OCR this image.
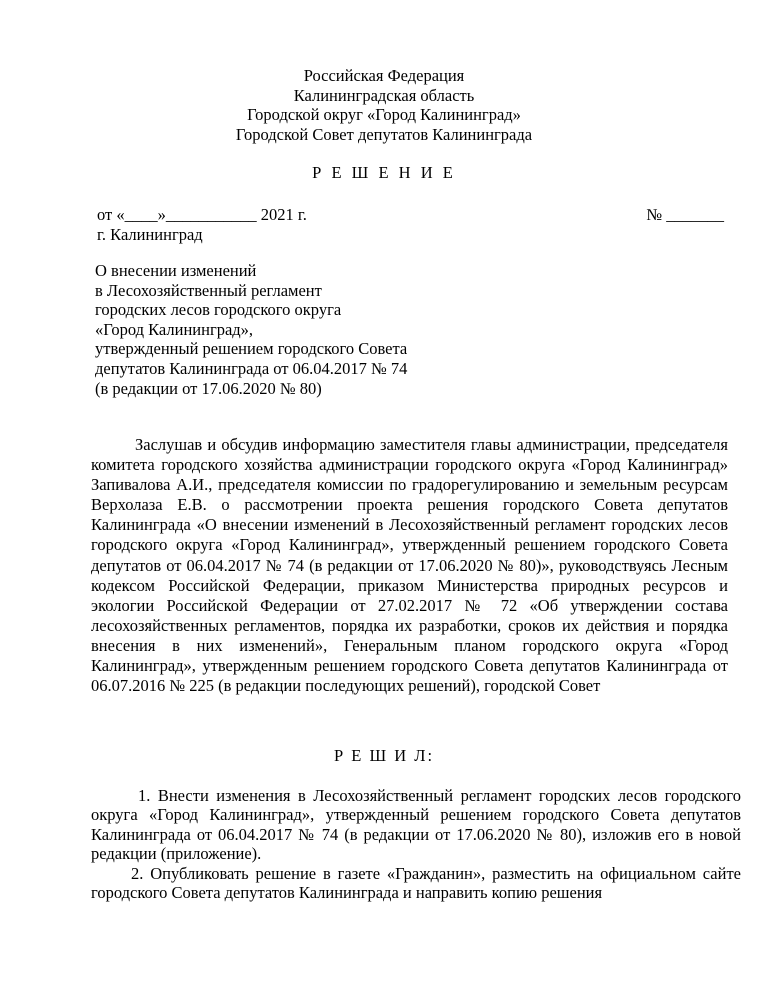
Российская Федерация
Калининградская область
Городской округ «Город Калининград»
Городской Совет депутатов Калининграда
Р Е Ш Е Н И Е
от «____»___________ 2021 г.	№ _______
г. Калининград
О внесении изменений
в Лесохозяйственный регламент
городских лесов городского округа
«Город Калининград»,
утвержденный решением городского Совета
депутатов Калининграда от 06.04.2017 № 74
(в редакции от 17.06.2020 № 80)

Заслушав и обсудив информацию заместителя главы администрации, председателя комитета городского хозяйства администрации городского округа «Город Калининград» Запивалова А.И., председателя комиссии по градорегулированию и земельным ресурсам Верхолаза Е.В. о рассмотрении проекта решения городского Совета депутатов Калининграда «О внесении изменений в Лесохозяйственный регламент городских лесов городского округа «Город Калининград», утвержденный решением городского Совета депутатов от 06.04.2017 № 74 (в редакции от 17.06.2020 № 80)», руководствуясь Лесным кодексом Российской Федерации, приказом Министерства природных ресурсов и экологии Российской Федерации от 27.02.2017 № 72 «Об утверждении состава лесохозяйственных регламентов, порядка их разработки, сроков их действия и порядка внесения в них изменений», Генеральным планом городского округа «Город Калининград», утвержденным решением городского Совета депутатов Калининграда от 06.07.2016 № 225 (в редакции последующих решений), городской Совет

Р Е Ш И Л:

1. Внести изменения в Лесохозяйственный регламент городских лесов городского округа «Город Калининград», утвержденный решением городского Совета депутатов Калининграда от 06.04.2017 № 74 (в редакции от 17.06.2020 № 80), изложив его в новой редакции (приложение).

2. Опубликовать решение в газете «Гражданин», разместить на официальном сайте городского Совета депутатов Калининграда и направить копию решения
